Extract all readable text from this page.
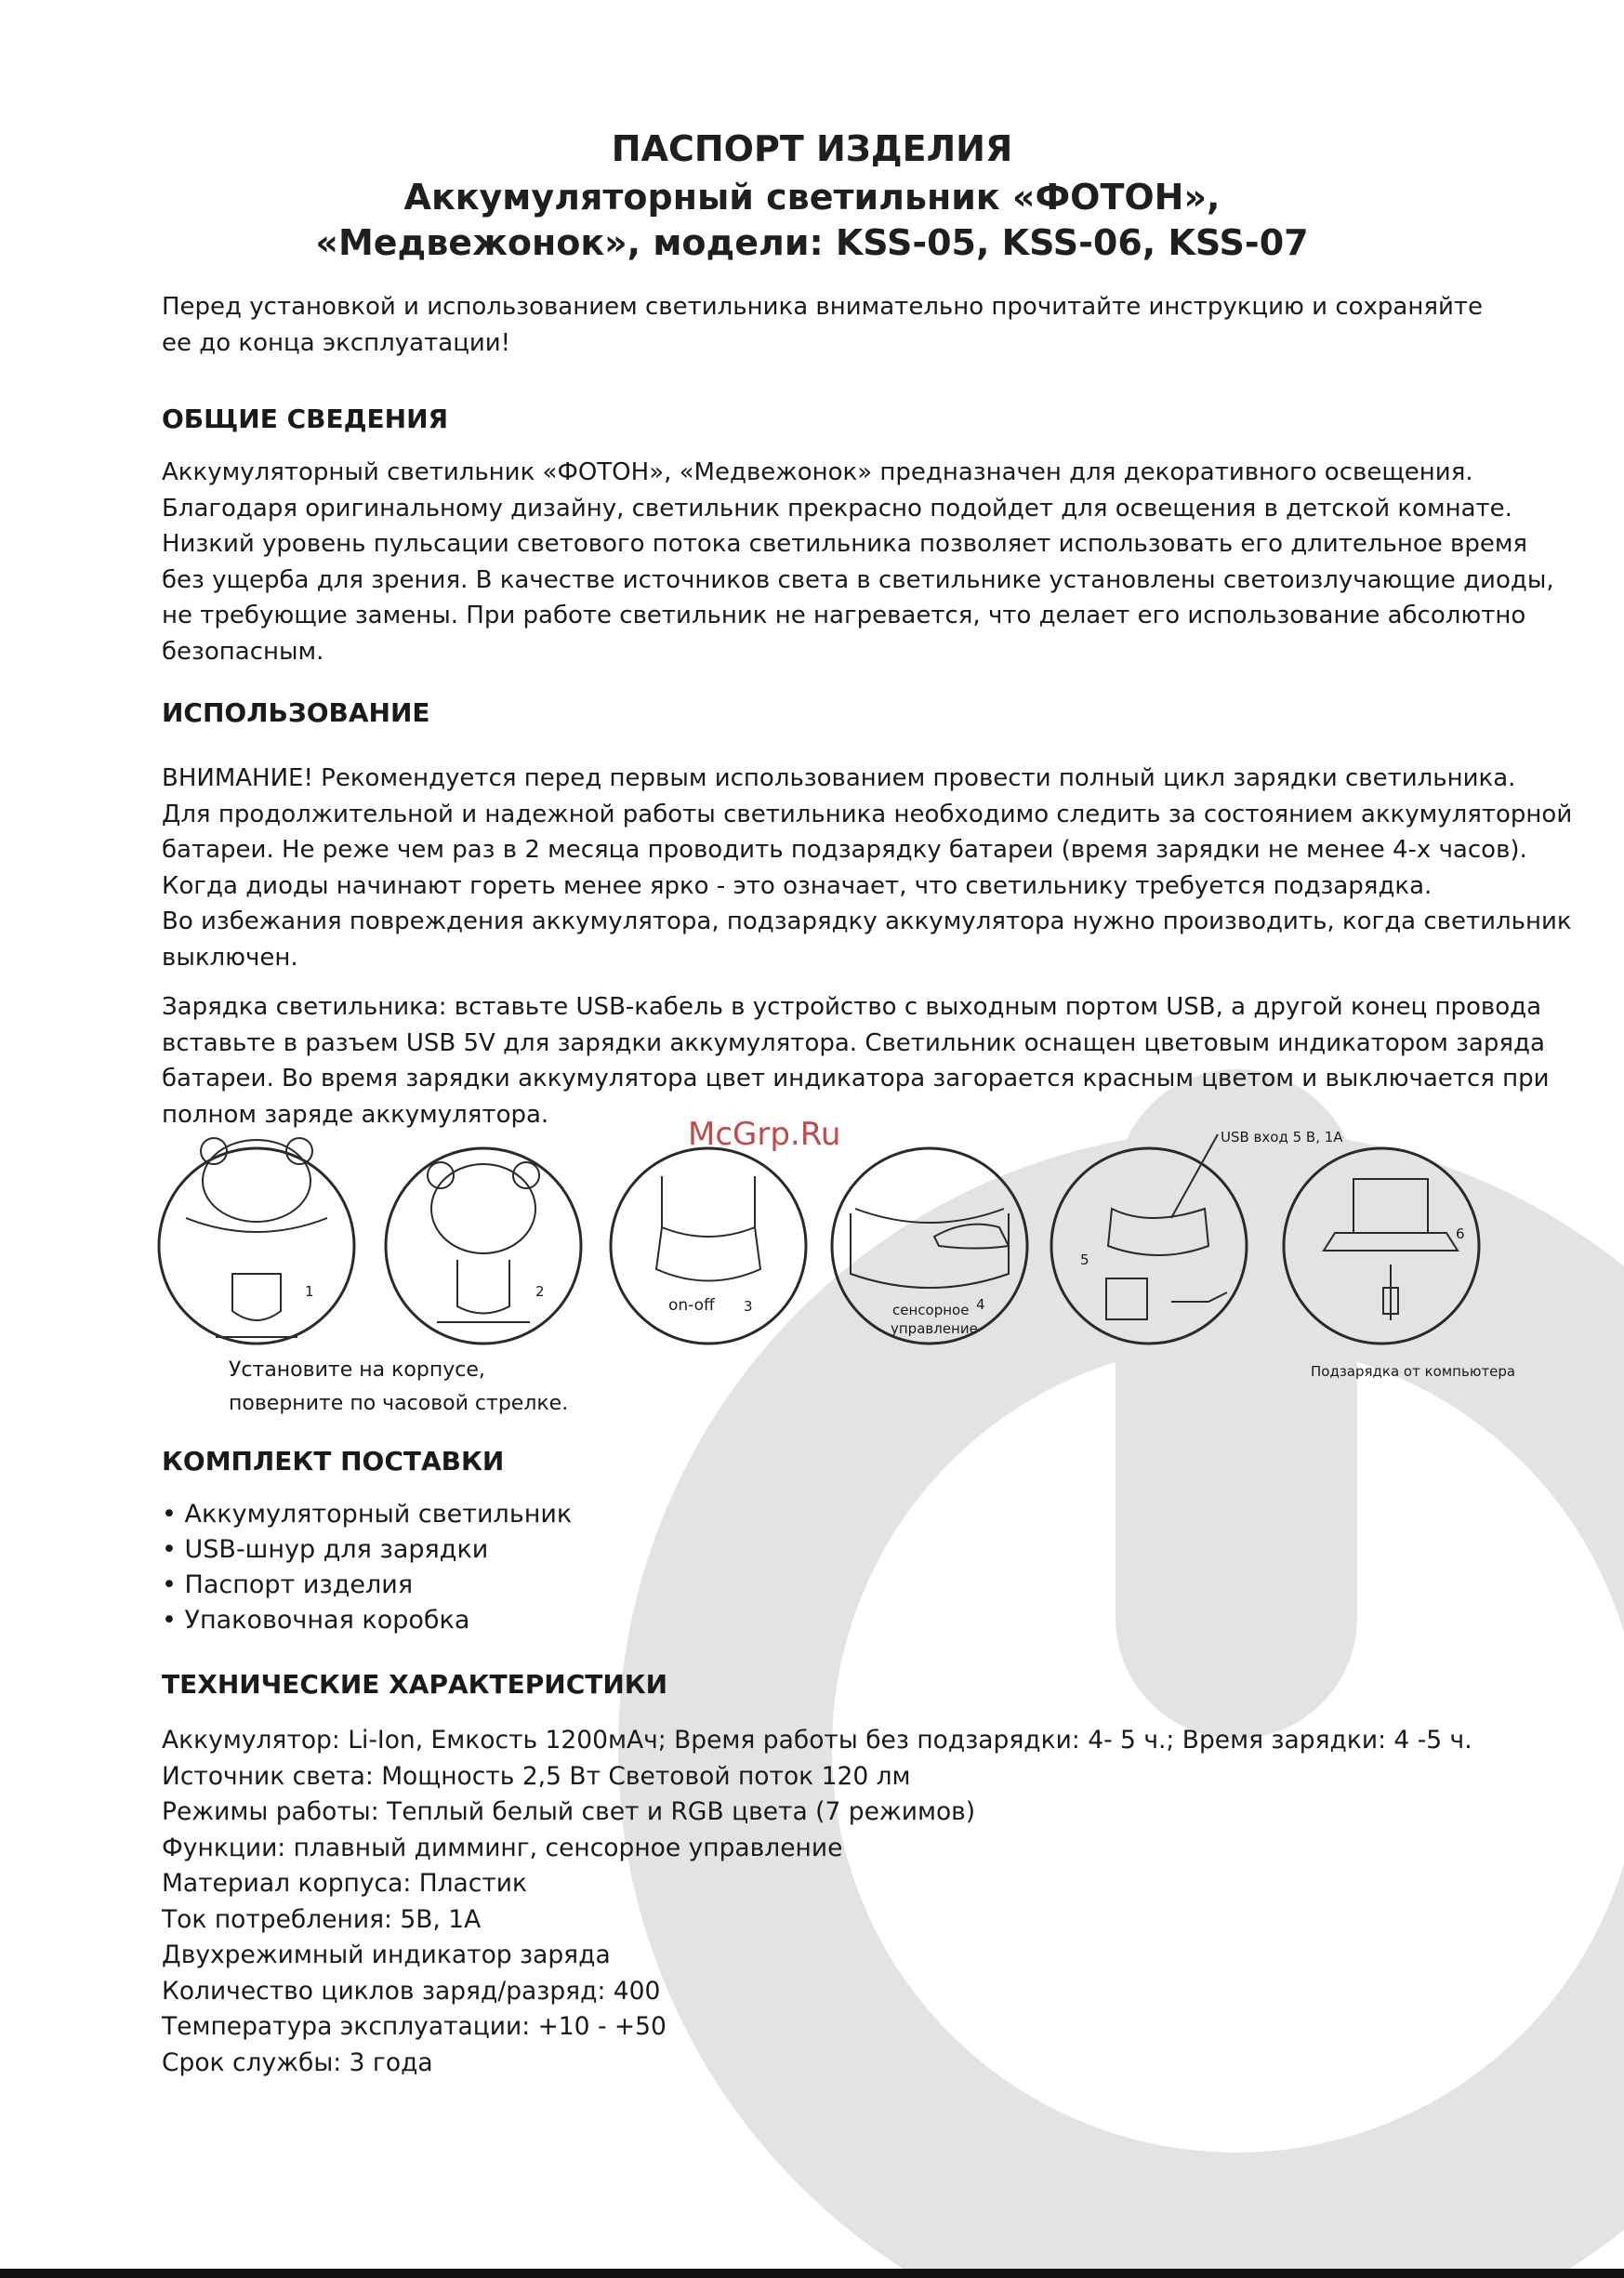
ПАСПОРТ ИЗДЕЛИЯ
Аккумуляторный светильник «ФОТОН»,
«Медвежонок», модели: KSS-05, KSS-06, KSS-07
Перед установкой и использованием светильника внимательно прочитайте инструкцию и сохраняйте
ее до конца эксплуатации!
ОБЩИЕ СВЕДЕНИЯ
Аккумуляторный светильник «ФОТОН», «Медвежонок» предназначен для декоративного освещения.
Благодаря оригинальному дизайну, светильник прекрасно подойдет для освещения в детской комнате.
Низкий уровень пульсации светового потока светильника позволяет использовать его длительное время
без ущерба для зрения. В качестве источников света в светильнике установлены светоизлучающие диоды,
не требующие замены. При работе светильник не нагревается, что делает его использование абсолютно
безопасным.
ИСПОЛЬЗОВАНИЕ
ВНИМАНИЕ! Рекомендуется перед первым использованием провести полный цикл зарядки светильника.
Для продолжительной и надежной работы светильника необходимо следить за состоянием аккумуляторной
батареи. Не реже чем раз в 2 месяца проводить подзарядку батареи (время зарядки не менее 4-х часов).
Когда диоды начинают гореть менее ярко - это означает, что светильнику требуется подзарядка.
Во избежания повреждения аккумулятора, подзарядку аккумулятора нужно производить, когда светильник
выключен.
Зарядка светильника: вставьте USB-кабель в устройство с выходным портом USB, а другой конец провода
вставьте в разъем USB 5V для зарядки аккумулятора. Светильник оснащен цветовым индикатором заряда
батареи. Во время зарядки аккумулятора цвет индикатора загорается красным цветом и выключается при
полном заряде аккумулятора.
McGrp.Ru
1	2
3	4
5
6
on-off	сенсорное
управление
USB вход 5 В, 1А
Установите на корпусе,
поверните по часовой стрелке.
Подзарядка от компьютера
КОМПЛЕКТ ПОСТАВКИ
• Аккумуляторный светильник
• USB-шнур для зарядки
• Паспорт изделия
• Упаковочная коробка
ТЕХНИЧЕСКИЕ ХАРАКТЕРИСТИКИ
Аккумулятор: Li-Ion, Емкость 1200мАч; Время работы без подзарядки: 4- 5 ч.; Время зарядки: 4 -5 ч.
Источник света: Мощность 2,5 Вт Световой поток 120 лм
Режимы работы: Теплый белый свет и RGB цвета (7 режимов)
Функции: плавный димминг, сенсорное управление
Материал корпуса: Пластик
Ток потребления: 5В, 1А
Двухрежимный индикатор заряда
Количество циклов заряд/разряд: 400
Температура эксплуатации: +10 - +50
Срок службы: 3 года
